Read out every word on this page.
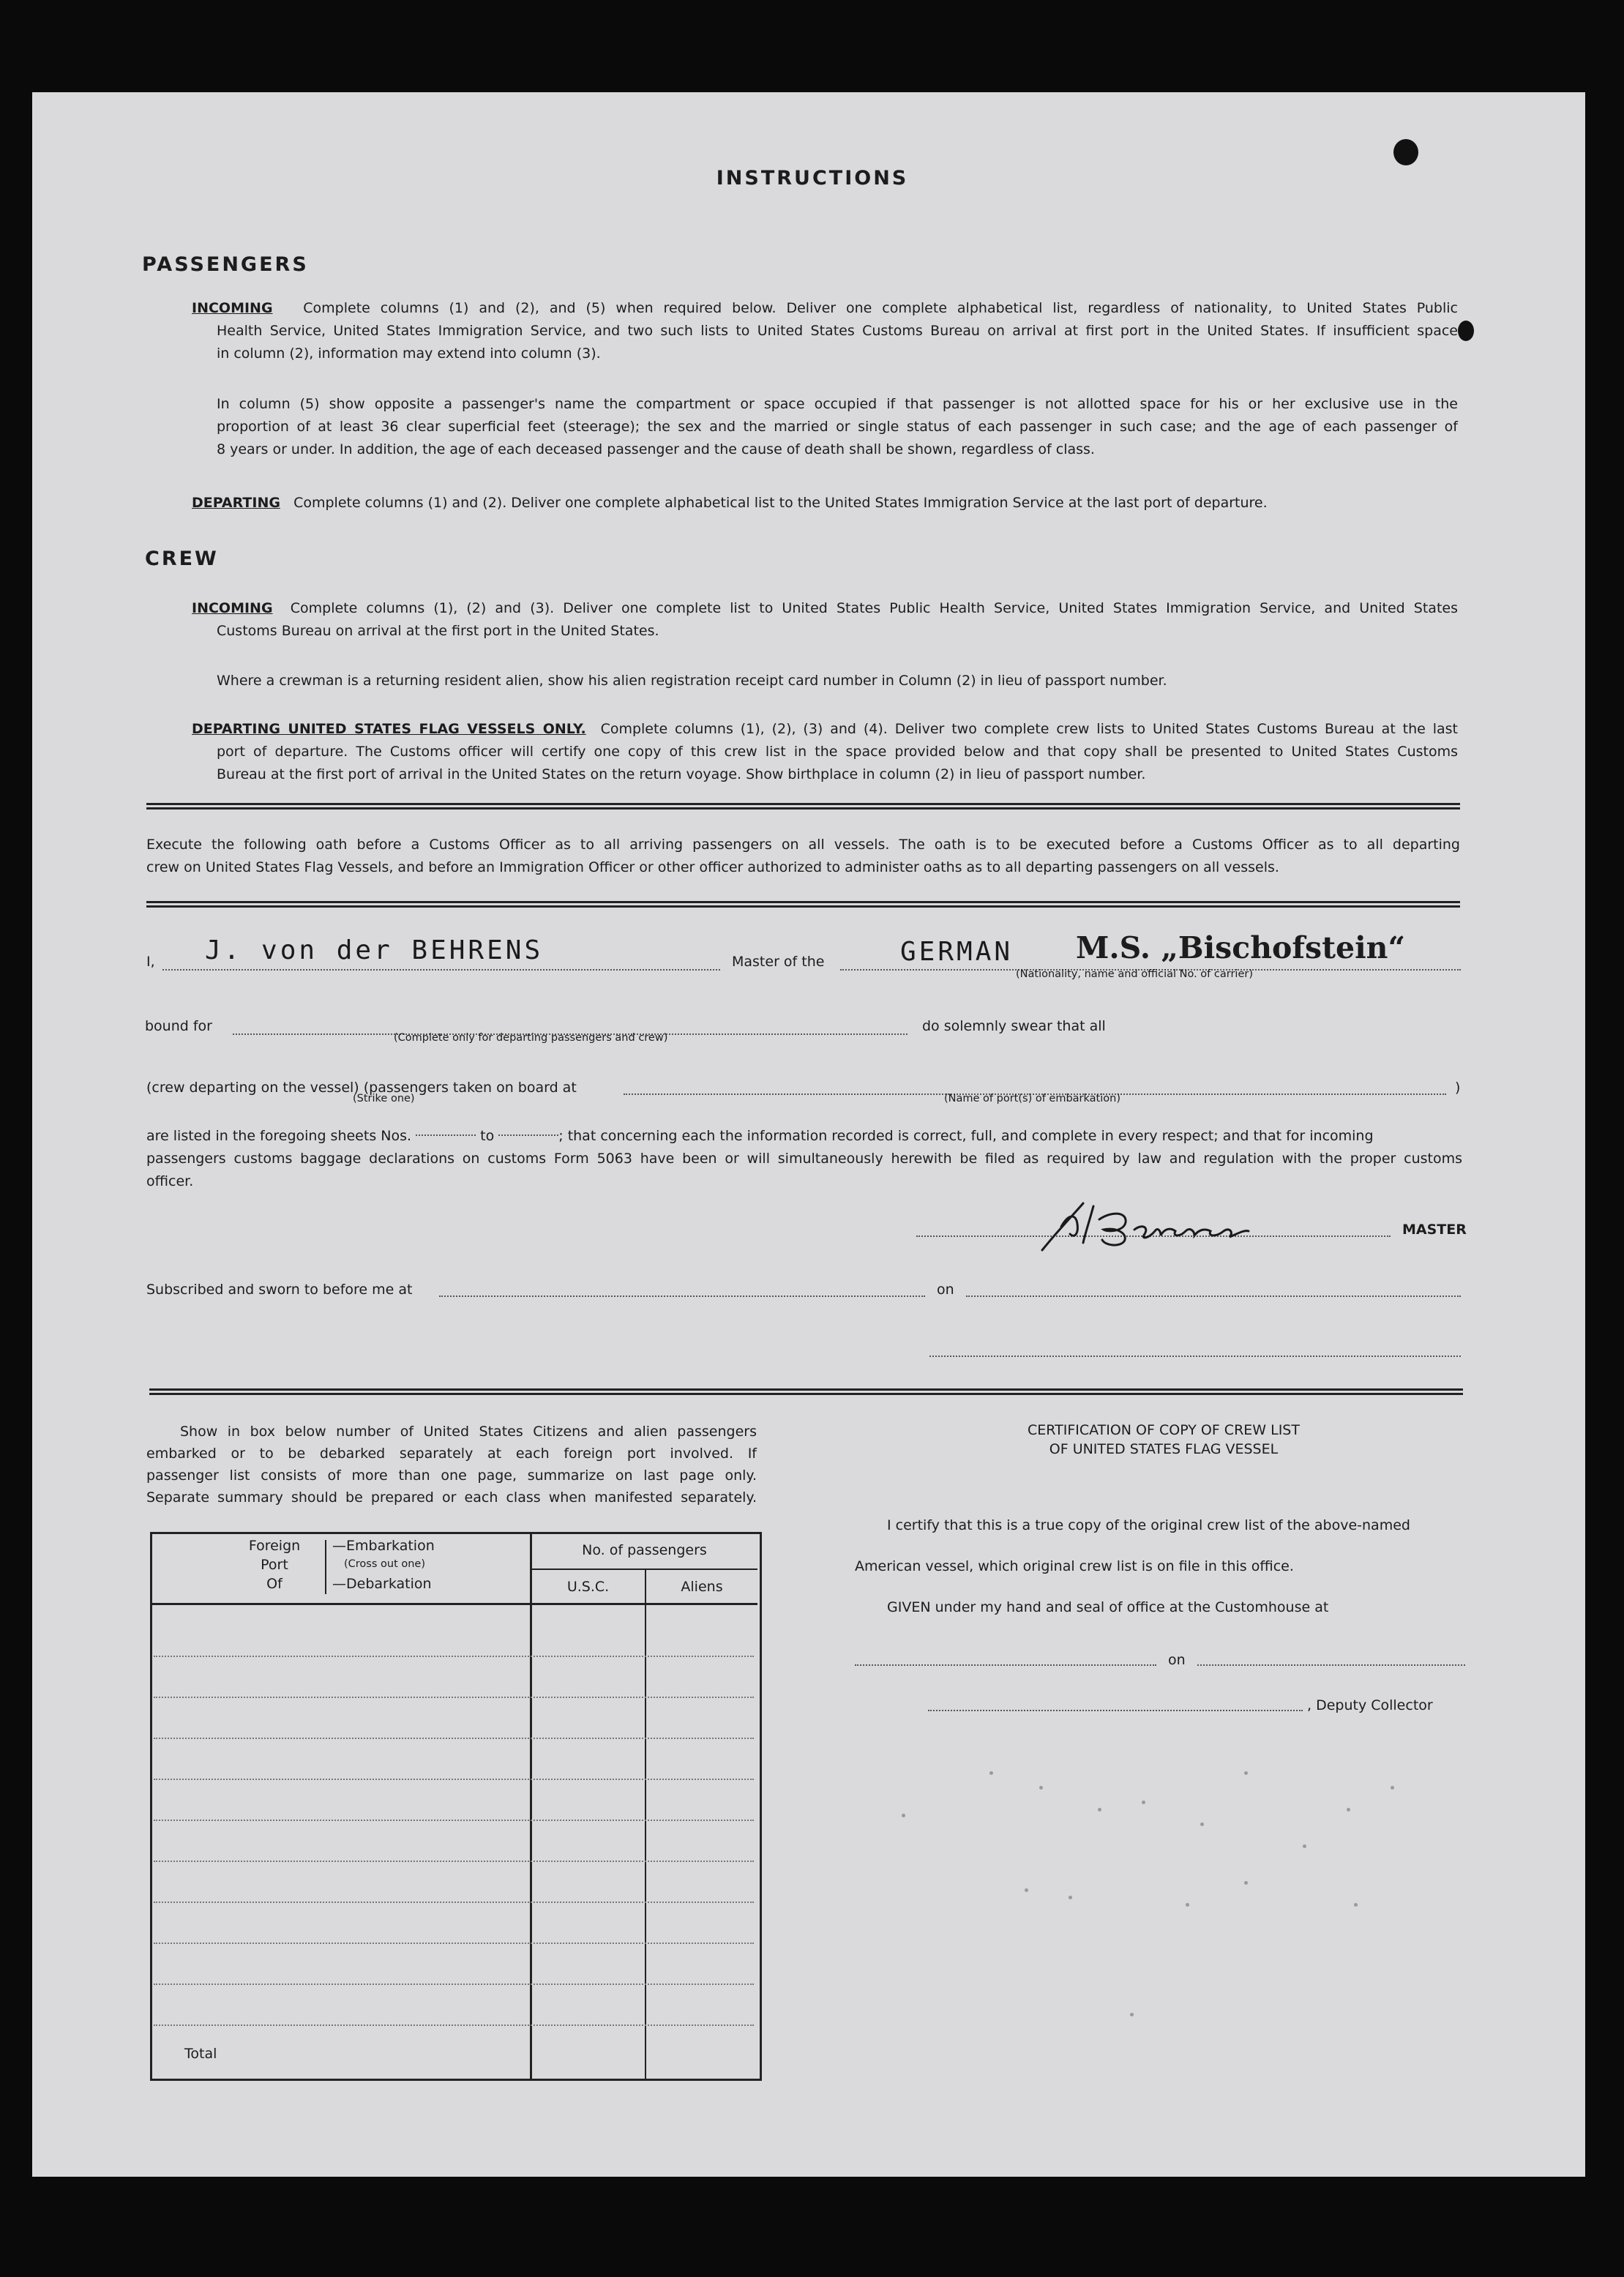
INSTRUCTIONS
PASSENGERS
INCOMING Complete columns (1) and (2), and (5) when required below. Deliver one complete alphabetical list, regardless of nationality, to United States Public
Health Service, United States Immigration Service, and two such lists to United States Customs Bureau on arrival at first port in the United States. If insufficient space
in column (2), information may extend into column (3).
In column (5) show opposite a passenger's name the compartment or space occupied if that passenger is not allotted space for his or her exclusive use in the
proportion of at least 36 clear superficial feet (steerage); the sex and the married or single status of each passenger in such case; and the age of each passenger of
8 years or under. In addition, the age of each deceased passenger and the cause of death shall be shown, regardless of class.
DEPARTING Complete columns (1) and (2). Deliver one complete alphabetical list to the United States Immigration Service at the last port of departure.
CREW
INCOMING Complete columns (1), (2) and (3). Deliver one complete list to United States Public Health Service, United States Immigration Service, and United States
Customs Bureau on arrival at the first port in the United States.
Where a crewman is a returning resident alien, show his alien registration receipt card number in Column (2) in lieu of passport number.
DEPARTING UNITED STATES FLAG VESSELS ONLY. Complete columns (1), (2), (3) and (4). Deliver two complete crew lists to United States Customs Bureau at the last
port of departure. The Customs officer will certify one copy of this crew list in the space provided below and that copy shall be presented to United States Customs
Bureau at the first port of arrival in the United States on the return voyage. Show birthplace in column (2) in lieu of passport number.
Execute the following oath before a Customs Officer as to all arriving passengers on all vessels. The oath is to be executed before a Customs Officer as to all departing
crew on United States Flag Vessels, and before an Immigration Officer or other officer authorized to administer oaths as to all departing passengers on all vessels.
I, J. von der BEHRENS	Master of the	GERMAN M.S. „Bischofstein“
(Nationality, name and official No. of carrier)
bound for
(Complete only for departing passengers and crew)
do solemnly swear that all
(crew departing on the vessel) (passengers taken on board at	)
(Strike one)	(Name of port(s) of embarkation)
are listed in the foregoing sheets Nos.	to	; that concerning each the information recorded is correct, full, and complete in every respect; and that for incoming
passengers customs baggage declarations on customs Form 5063 have been or will simultaneously herewith be filed as required by law and regulation with the proper customs
officer.
MASTER
Subscribed and sworn to before me at	on
Show in box below number of United States Citizens and alien passengers
embarked or to be debarked separately at each foreign port involved. If
passenger list consists of more than one page, summarize on last page only.
Separate summary should be prepared or each class when manifested separately.
Foreign
Port
Of
—Embarkation
(Cross out one)
—Debarkation
No. of passengers
U.S.C.	Aliens
Total
CERTIFICATION OF COPY OF CREW LIST
OF UNITED STATES FLAG VESSEL
I certify that this is a true copy of the original crew list of the above-named
American vessel, which original crew list is on file in this office.
GIVEN under my hand and seal of office at the Customhouse at
on
, Deputy Collector
